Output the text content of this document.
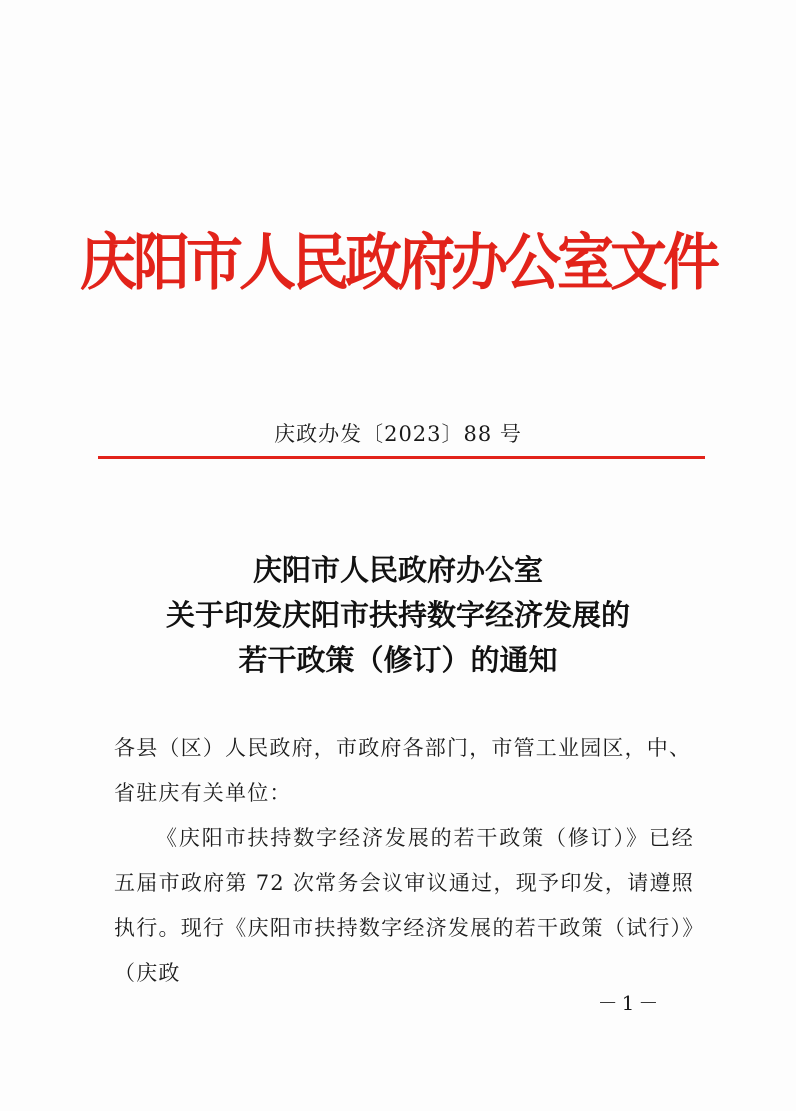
庆阳市人民政府办公室文件
庆政办发〔2023〕88 号
庆阳市人民政府办公室
关于印发庆阳市扶持数字经济发展的
若干政策（修订）的通知
各县（区）人民政府，市政府各部门，市管工业园区，中、省驻庆有关单位：
《庆阳市扶持数字经济发展的若干政策（修订）》已经五届市政府第 72 次常务会议审议通过，现予印发，请遵照执行。现行《庆阳市扶持数字经济发展的若干政策（试行）》（庆政
－1－
